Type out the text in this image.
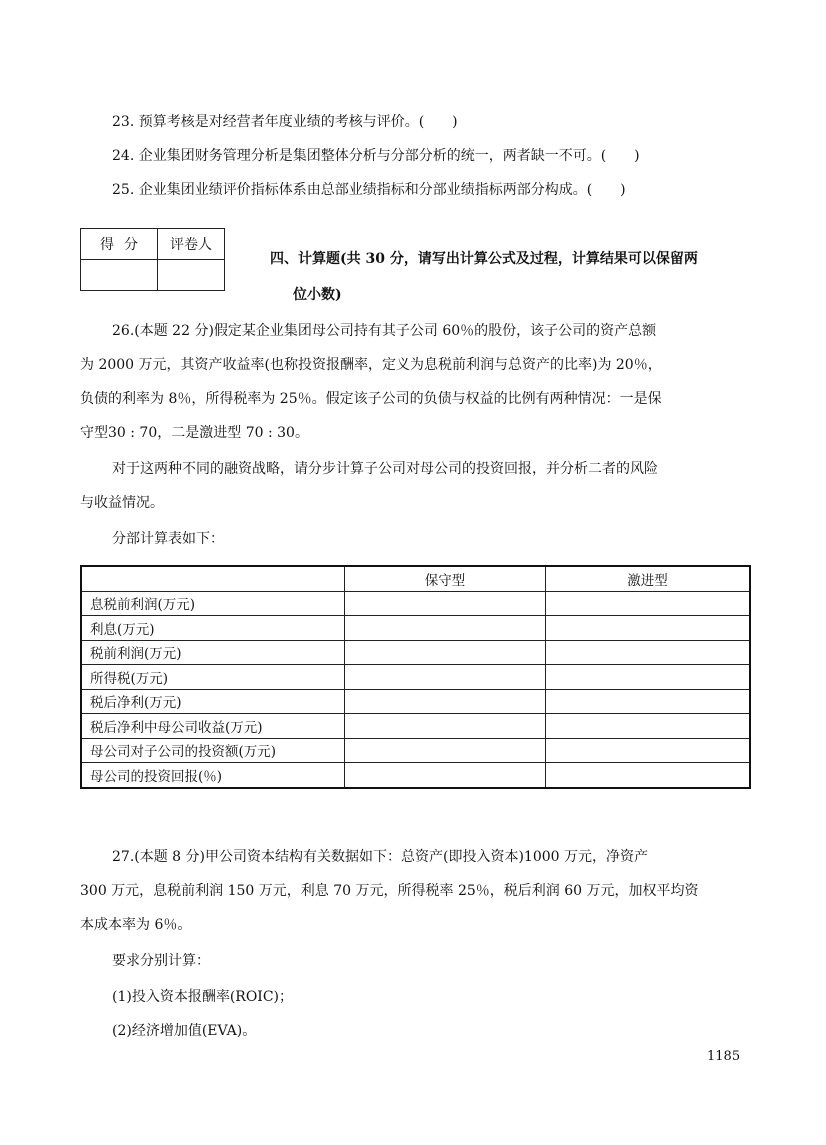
23. 预算考核是对经营者年度业绩的考核与评价。(　　)
24. 企业集团财务管理分析是集团整体分析与分部分析的统一，两者缺一不可。(　　)
25. 企业集团业绩评价指标体系由总部业绩指标和分部业绩指标两部分构成。(　　)
得分	评卷人

四、计算题(共 30 分，请写出计算公式及过程，计算结果可以保留两
位小数)
26.(本题 22 分)假定某企业集团母公司持有其子公司 60％的股份，该子公司的资产总额
为 2000 万元，其资产收益率(也称投资报酬率，定义为息税前利润与总资产的比率)为 20％，
负债的利率为 8％，所得税率为 25％。假定该子公司的负债与权益的比例有两种情况：一是保
守型30 : 70，二是激进型 70 : 30。
对于这两种不同的融资战略，请分步计算子公司对母公司的投资回报，并分析二者的风险
与收益情况。
分部计算表如下：
	保守型	激进型
息税前利润(万元)		
利息(万元)		
税前利润(万元)		
所得税(万元)		
税后净利(万元)		
税后净利中母公司收益(万元)		
母公司对子公司的投资额(万元)		
母公司的投资回报(％)		
27.(本题 8 分)甲公司资本结构有关数据如下：总资产(即投入资本)1000 万元，净资产
300 万元，息税前利润 150 万元，利息 70 万元，所得税率 25％，税后利润 60 万元，加权平均资
本成本率为 6％。
要求分别计算：
(1)投入资本报酬率(ROIC)；
(2)经济增加值(EVA)。
1185
